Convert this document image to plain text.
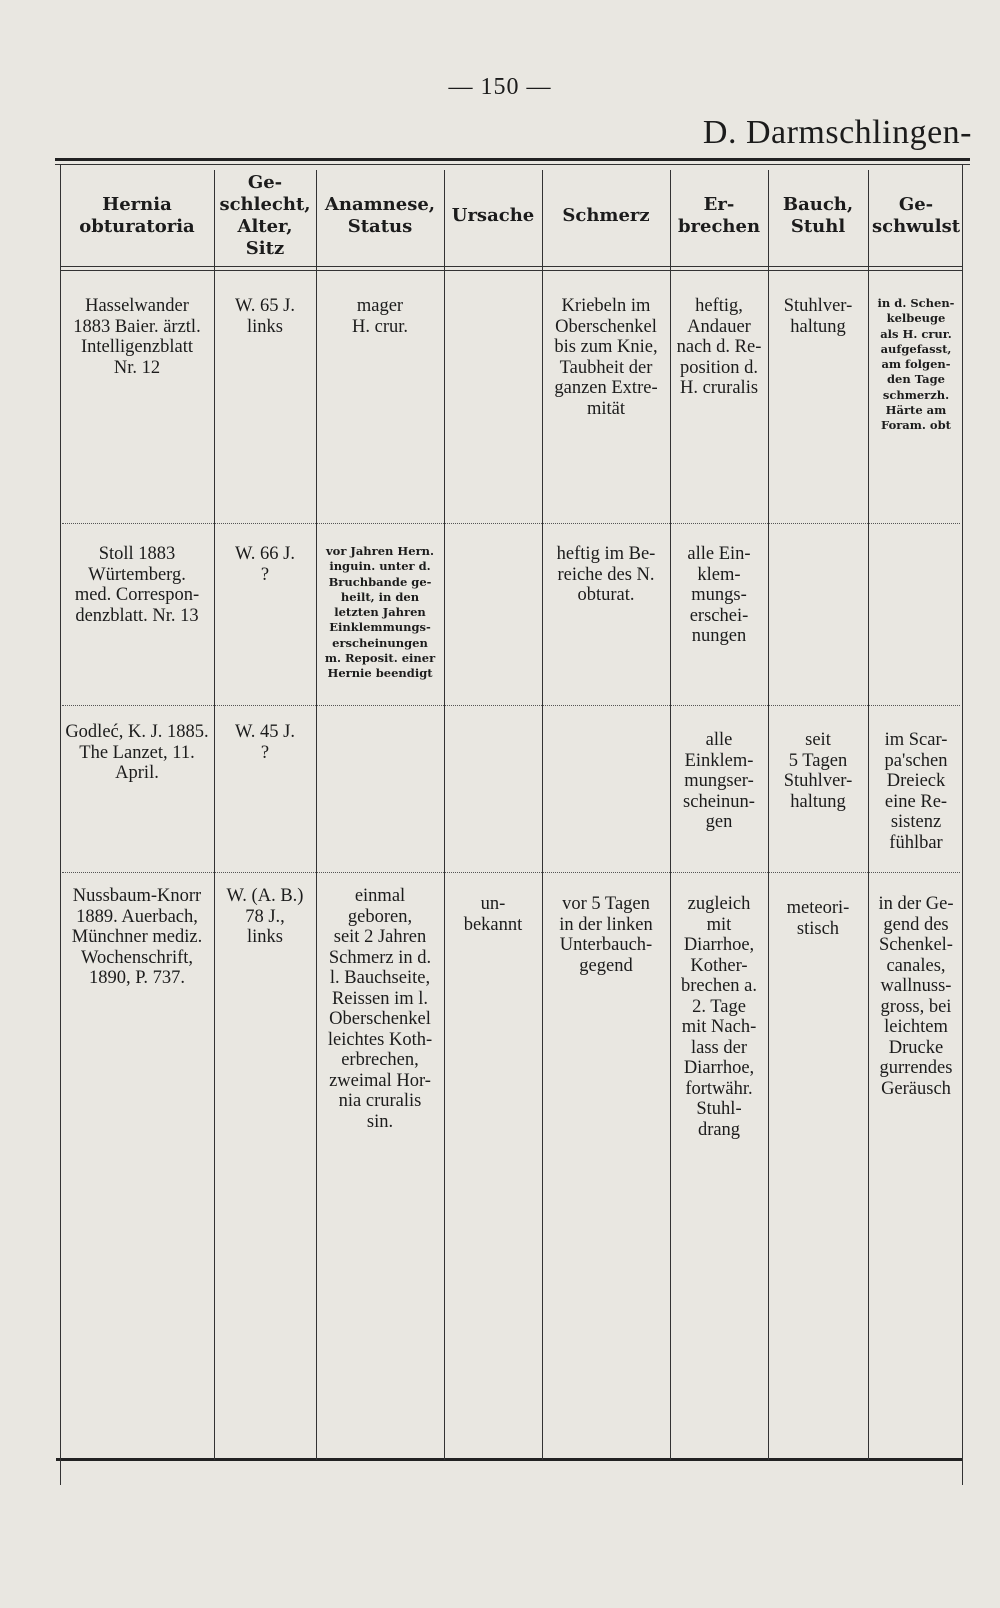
— 150 —
D. Darmschlingen-
Hernia
obturatoria
Ge-
schlecht,
Alter,
Sitz
Anamnese,
Status
Ursache	Schmerz
Er-
brechen
Bauch,
Stuhl
Ge-
schwulst
Hasselwander
1883 Baier. ärztl.
Intelligenzblatt
Nr. 12
W. 65 J.
links
mager
H. crur.
Kriebeln im
Oberschenkel
bis zum Knie,
Taubheit der
ganzen Extre-
mität
heftig,
Andauer
nach d. Re-
position d.
H. cruralis
Stuhlver-
haltung
in d. Schen-
kelbeuge
als H. crur.
aufgefasst,
am folgen-
den Tage
schmerzh.
Härte am
Foram. obt
Stoll 1883
Würtemberg.
med. Correspon-
denzblatt. Nr. 13
W. 66 J.
?
vor Jahren Hern.
inguin. unter d.
Bruchbande ge-
heilt, in den
letzten Jahren
Einklemmungs-
erscheinungen
m. Reposit. einer
Hernie beendigt
heftig im Be-
reiche des N.
obturat.
alle Ein-
klem-
mungs-
erschei-
nungen
Godleć, K. J. 1885.
The Lanzet, 11.
April.
W. 45 J.
?
alle
Einklem-
mungser-
scheinun-
gen
seit
5 Tagen
Stuhlver-
haltung
im Scar-
pa'schen
Dreieck
eine Re-
sistenz
fühlbar
Nussbaum-Knorr
1889. Auerbach,
Münchner mediz.
Wochenschrift,
1890, P. 737.
W. (A. B.)
78 J.,
links
einmal
geboren,
seit 2 Jahren
Schmerz in d.
l. Bauchseite,
Reissen im l.
Oberschenkel
leichtes Koth-
erbrechen,
zweimal Hor-
nia cruralis
sin.
un-
bekannt
vor 5 Tagen
in der linken
Unterbauch-
gegend
zugleich
mit
Diarrhoe,
Kother-
brechen a.
2. Tage
mit Nach-
lass der
Diarrhoe,
fortwähr.
Stuhl-
drang
meteori-
stisch
in der Ge-
gend des
Schenkel-
canales,
wallnuss-
gross, bei
leichtem
Drucke
gurrendes
Geräusch
